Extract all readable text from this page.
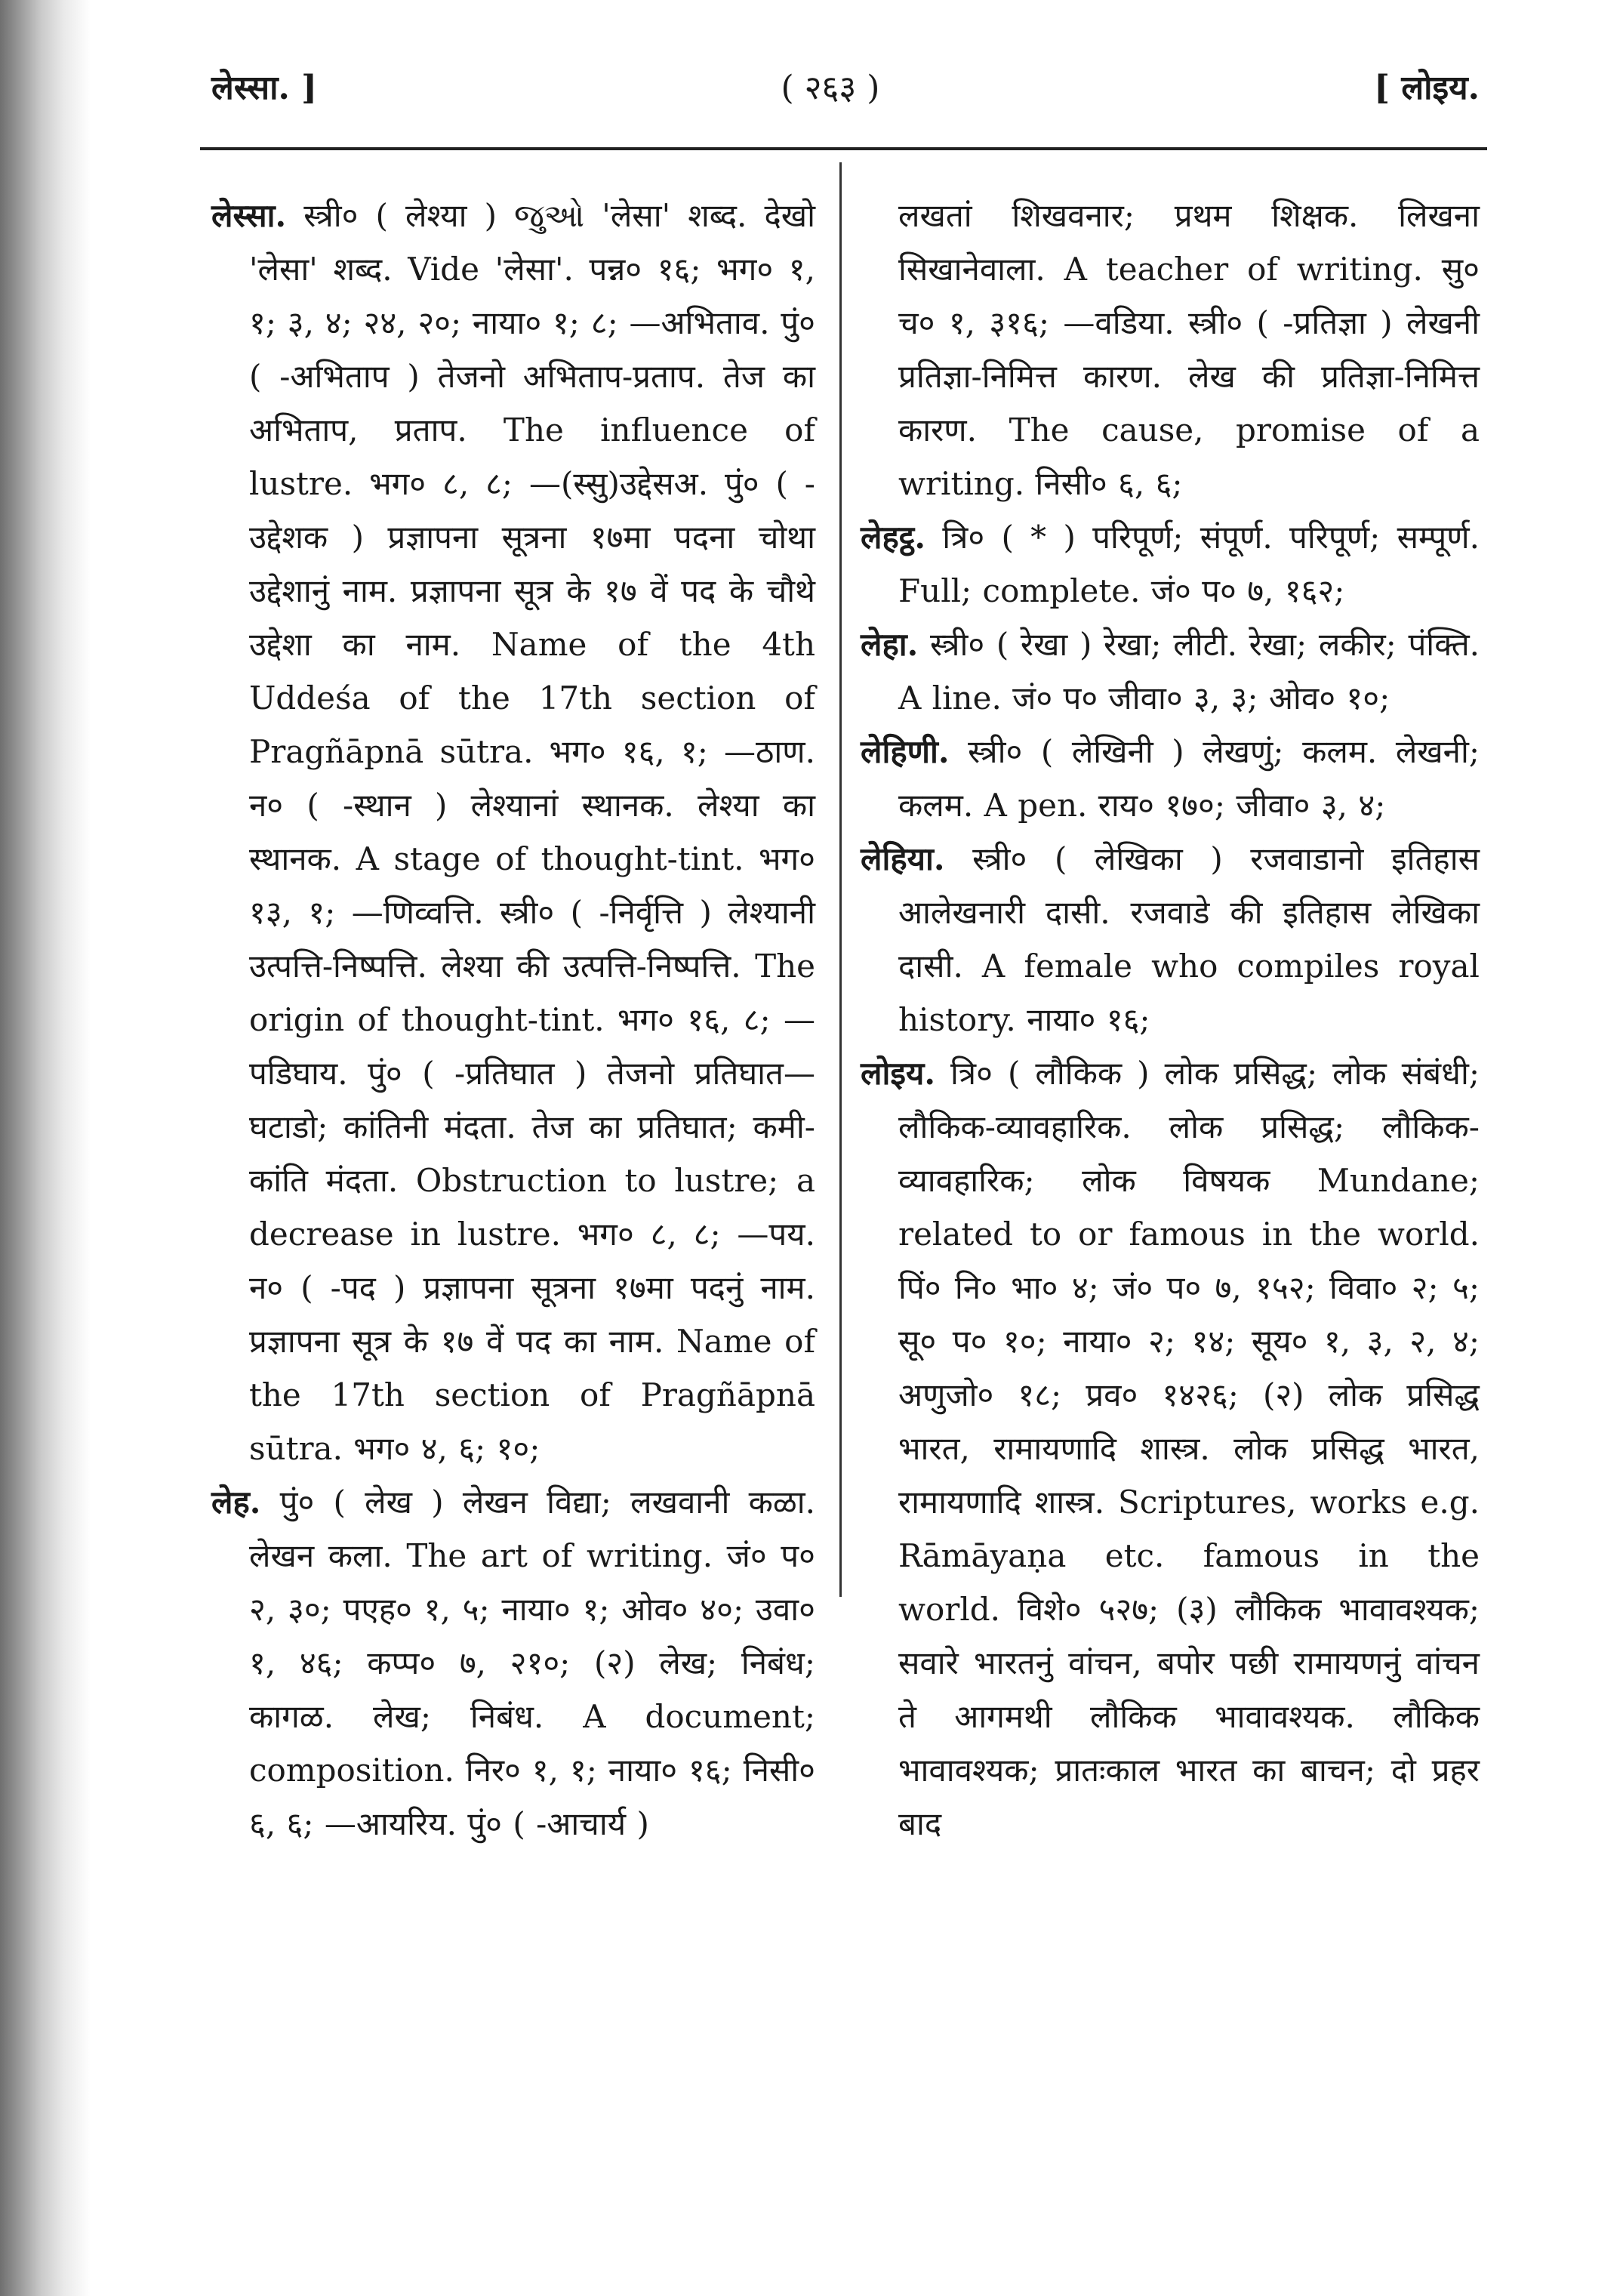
लेस्सा. ]	( २६३ )	[ लोइय.

लेस्सा. स्त्री० ( लेश्या ) જુઓ 'लेसा' शब्द. देखो 'लेसा' शब्द. Vide 'लेसा'. पन्न० १६; भग० १, १; ३, ४; २४, २०; नाया० १; ८; —अभिताव. पुं० ( -अभिताप ) तेजनो अभिताप-प्रताप. तेज का अभिताप, प्रताप. The influence of lustre. भग० ८, ८; —(स्सु)उद्देसअ. पुं० ( -उद्देशक ) प्रज्ञापना सूत्रना १७मा पदना चोथा उद्देशानुं नाम. प्रज्ञापना सूत्र के १७ वें पद के चौथे उद्देशा का नाम. Name of the 4th Uddeśa of the 17th section of Pragñāpnā sūtra. भग० १६, १; —ठाण. न० ( -स्थान ) लेश्यानां स्थानक. लेश्या का स्थानक. A stage of thought-tint. भग० १३, १; —णिव्वत्ति. स्त्री० ( -निर्वृत्ति ) लेश्यानी उत्पत्ति-निष्पत्ति. लेश्या की उत्पत्ति-निष्पत्ति. The origin of thought-tint. भग० १६, ८; —पडिघाय. पुं० ( -प्रतिघात ) तेजनो प्रतिघात—घटाडो; कांतिनी मंदता. तेज का प्रतिघात; कमी-कांति मंदता. Obstruction to lustre; a decrease in lustre. भग० ८, ८; —पय. न० ( -पद ) प्रज्ञापना सूत्रना १७मा पदनुं नाम. प्रज्ञापना सूत्र के १७ वें पद का नाम. Name of the 17th section of Pragñāpnā sūtra. भग० ४, ६; १०;

लेह. पुं० ( लेख ) लेखन विद्या; लखवानी कळा. लेखन कला. The art of writing. जं० प० २, ३०; पएह० १, ५; नाया० १; ओव० ४०; उवा० १, ४६; कप्प० ७, २१०; (२) लेख; निबंध; कागळ. लेख; निबंध. A document; composition. निर० १, १; नाया० १६; निसी० ६, ६; —आयरिय. पुं० ( -आचार्य )

लखतां शिखवनार; प्रथम शिक्षक. लिखना सिखानेवाला. A teacher of writing. सु० च० १, ३१६; —वडिया. स्त्री० ( -प्रतिज्ञा ) लेखनी प्रतिज्ञा-निमित्त कारण. लेख की प्रतिज्ञा-निमित्त कारण. The cause, promise of a writing. निसी० ६, ६;

लेहट्ठ. त्रि० ( * ) परिपूर्ण; संपूर्ण. परिपूर्ण; सम्पूर्ण. Full; complete. जं० प० ७, १६२;

लेहा. स्त्री० ( रेखा ) रेखा; लीटी. रेखा; लकीर; पंक्ति. A line. जं० प० जीवा० ३, ३; ओव० १०;

लेहिणी. स्त्री० ( लेखिनी ) लेखणुं; कलम. लेखनी; कलम. A pen. राय० १७०; जीवा० ३, ४;

लेहिया. स्त्री० ( लेखिका ) रजवाडानो इतिहास आलेखनारी दासी. रजवाडे की इतिहास लेखिका दासी. A female who compiles royal history. नाया० १६;

लोइय. त्रि० ( लौकिक ) लोक प्रसिद्ध; लोक संबंधी; लौकिक-व्यावहारिक. लोक प्रसिद्ध; लौकिक-व्यावहारिक; लोक विषयक Mundane; related to or famous in the world. पिं० नि० भा० ४; जं० प० ७, १५२; विवा० २; ५; सू० प० १०; नाया० २; १४; सूय० १, ३, २, ४; अणुजो० १८; प्रव० १४२६; (२) लोक प्रसिद्ध भारत, रामायणादि शास्त्र. लोक प्रसिद्ध भारत, रामायणादि शास्त्र. Scriptures, works e.g. Rāmāyaṇa etc. famous in the world. विशे० ५२७; (३) लौकिक भावावश्यक; सवारे भारतनुं वांचन, बपोर पछी रामायणनुं वांचन ते आगमथी लौकिक भावावश्यक. लौकिक भावावश्यक; प्रातःकाल भारत का बाचन; दो प्रहर बाद
